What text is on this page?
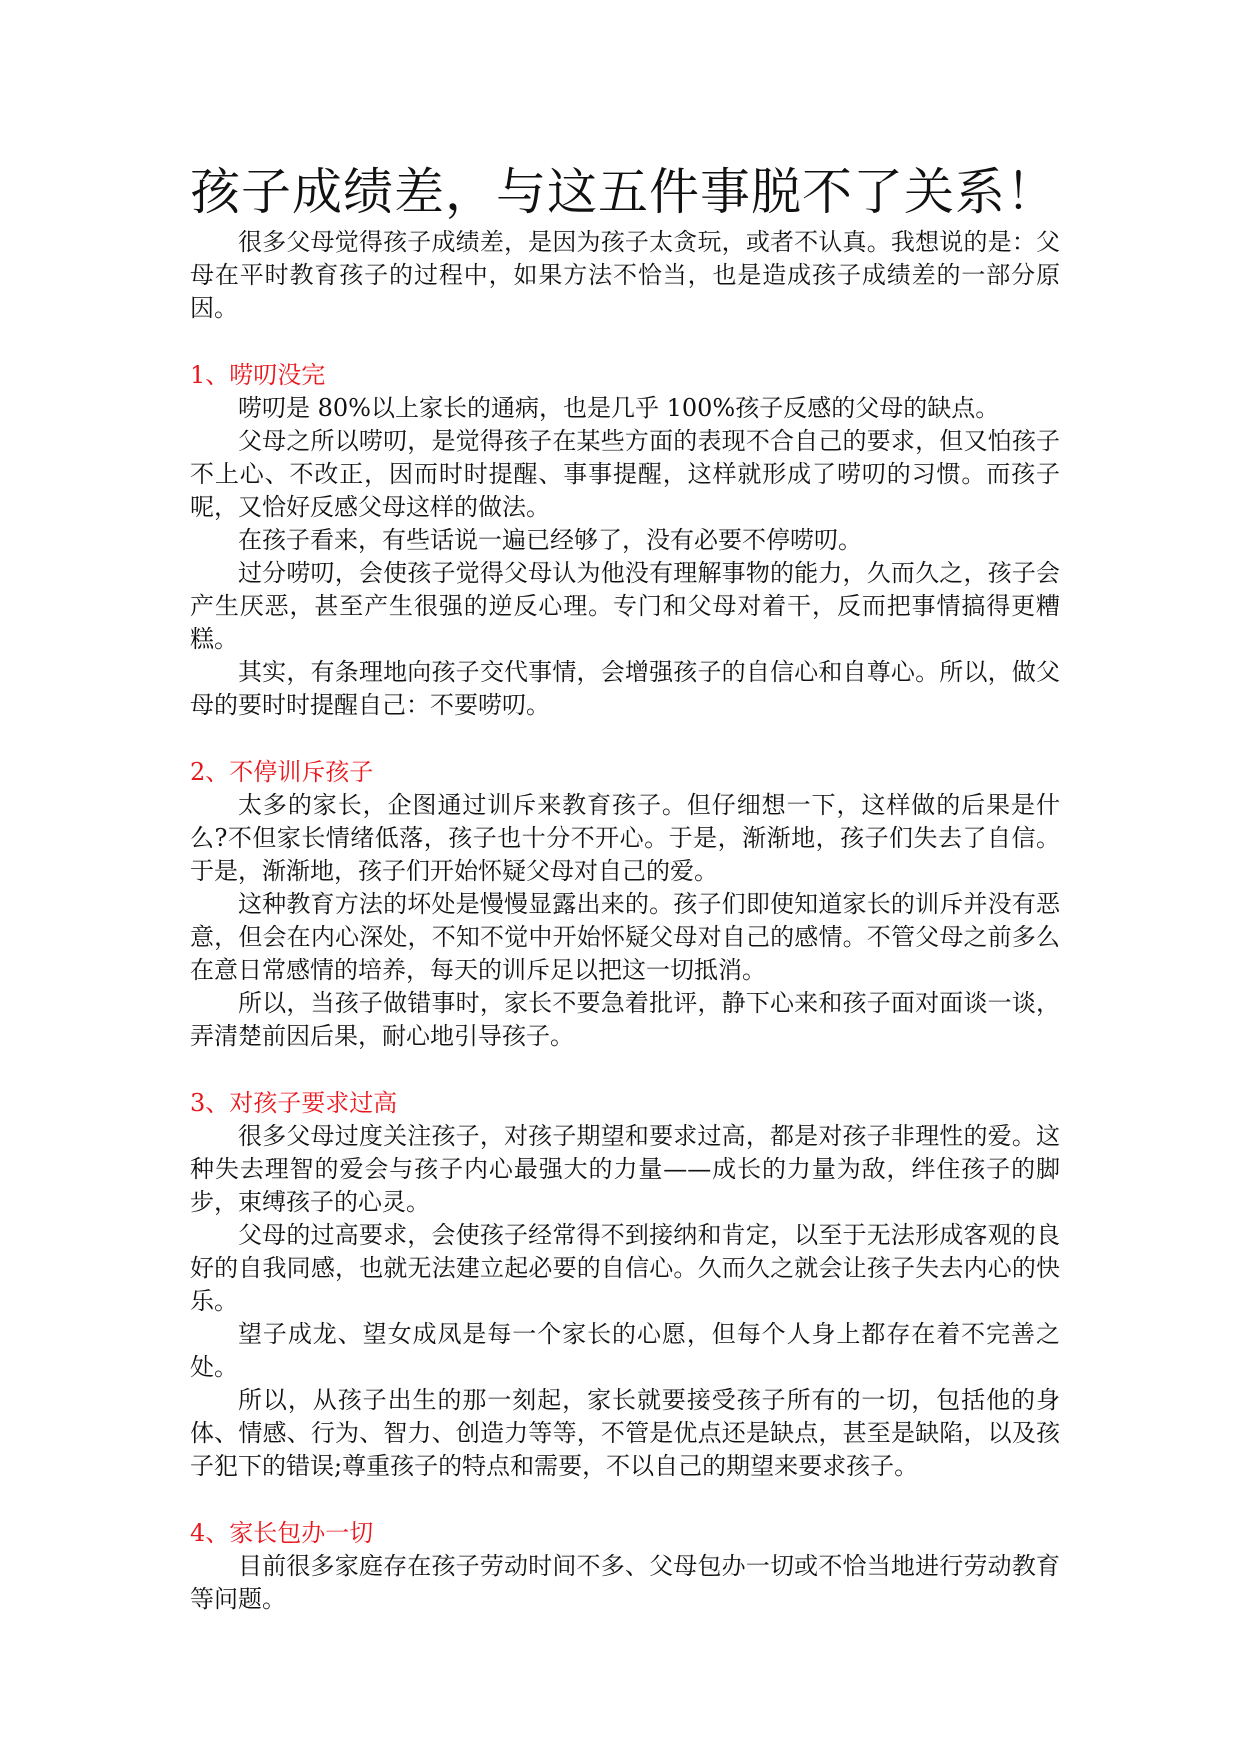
孩子成绩差，与这五件事脱不了关系！

很多父母觉得孩子成绩差，是因为孩子太贪玩，或者不认真。我想说的是：父母在平时教育孩子的过程中，如果方法不恰当，也是造成孩子成绩差的一部分原因。

1、唠叨没完

唠叨是 80%以上家长的通病，也是几乎 100%孩子反感的父母的缺点。

父母之所以唠叨，是觉得孩子在某些方面的表现不合自己的要求，但又怕孩子不上心、不改正，因而时时提醒、事事提醒，这样就形成了唠叨的习惯。而孩子呢，又恰好反感父母这样的做法。

在孩子看来，有些话说一遍已经够了，没有必要不停唠叨。

过分唠叨，会使孩子觉得父母认为他没有理解事物的能力，久而久之，孩子会产生厌恶，甚至产生很强的逆反心理。专门和父母对着干，反而把事情搞得更糟糕。

其实，有条理地向孩子交代事情，会增强孩子的自信心和自尊心。所以，做父母的要时时提醒自己：不要唠叨。

2、不停训斥孩子

太多的家长，企图通过训斥来教育孩子。但仔细想一下，这样做的后果是什么?不但家长情绪低落，孩子也十分不开心。于是，渐渐地，孩子们失去了自信。于是，渐渐地，孩子们开始怀疑父母对自己的爱。

这种教育方法的坏处是慢慢显露出来的。孩子们即使知道家长的训斥并没有恶意，但会在内心深处，不知不觉中开始怀疑父母对自己的感情。不管父母之前多么在意日常感情的培养，每天的训斥足以把这一切抵消。

所以，当孩子做错事时，家长不要急着批评，静下心来和孩子面对面谈一谈，弄清楚前因后果，耐心地引导孩子。

3、对孩子要求过高

很多父母过度关注孩子，对孩子期望和要求过高，都是对孩子非理性的爱。这种失去理智的爱会与孩子内心最强大的力量——成长的力量为敌，绊住孩子的脚步，束缚孩子的心灵。

父母的过高要求，会使孩子经常得不到接纳和肯定，以至于无法形成客观的良好的自我同感，也就无法建立起必要的自信心。久而久之就会让孩子失去内心的快乐。

望子成龙、望女成凤是每一个家长的心愿，但每个人身上都存在着不完善之处。

所以，从孩子出生的那一刻起，家长就要接受孩子所有的一切，包括他的身体、情感、行为、智力、创造力等等，不管是优点还是缺点，甚至是缺陷，以及孩子犯下的错误;尊重孩子的特点和需要，不以自己的期望来要求孩子。

4、家长包办一切

目前很多家庭存在孩子劳动时间不多、父母包办一切或不恰当地进行劳动教育等问题。
